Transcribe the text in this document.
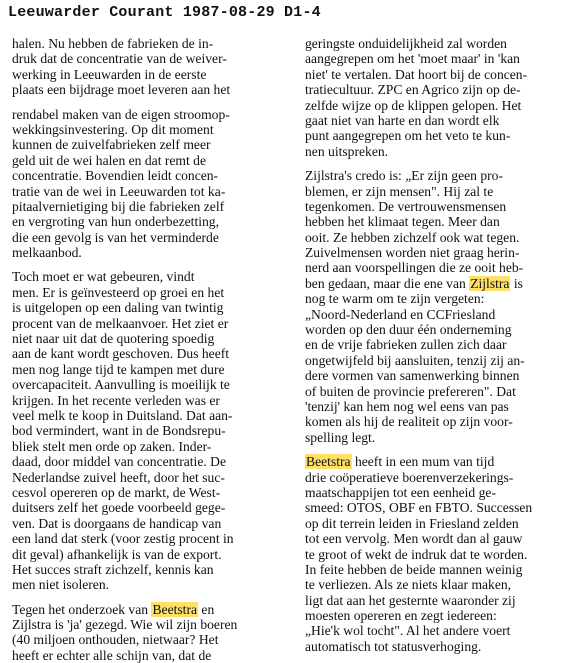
Leeuwarder Courant 1987-08-29 D1-4
halen. Nu hebben de fabrieken de in-
druk dat de concentratie van de weiver-
werking in Leeuwarden in de eerste
plaats een bijdrage moet leveren aan het
rendabel maken van de eigen stroomop-
wekkingsinvestering. Op dit moment
kunnen de zuivelfabrieken zelf meer
geld uit de wei halen en dat remt de
concentratie. Bovendien leidt concen-
tratie van de wei in Leeuwarden tot ka-
pitaalvernietiging bij die fabrieken zelf
en vergroting van hun onderbezetting,
die een gevolg is van het verminderde
melkaanbod.
Toch moet er wat gebeuren, vindt
men. Er is geïnvesteerd op groei en het
is uitgelopen op een daling van twintig
procent van de melkaanvoer. Het ziet er
niet naar uit dat de quotering spoedig
aan de kant wordt geschoven. Dus heeft
men nog lange tijd te kampen met dure
overcapaciteit. Aanvulling is moeilijk te
krijgen. In het recente verleden was er
veel melk te koop in Duitsland. Dat aan-
bod vermindert, want in de Bondsrepu-
bliek stelt men orde op zaken. Inder-
daad, door middel van concentratie. De
Nederlandse zuivel heeft, door het suc-
cesvol opereren op de markt, de West-
duitsers zelf het goede voorbeeld gege-
ven. Dat is doorgaans de handicap van
een land dat sterk (voor zestig procent in
dit geval) afhankelijk is van de export.
Het succes straft zichzelf, kennis kan
men niet isoleren.
Tegen het onderzoek van Beetstra en
Zijlstra is 'ja' gezegd. Wie wil zijn boeren
(40 miljoen onthouden, nietwaar? Het
heeft er echter alle schijn van, dat de
geringste onduidelijkheid zal worden
aangegrepen om het 'moet maar' in 'kan
niet' te vertalen. Dat hoort bij de concen-
tratiecultuur. ZPC en Agrico zijn op de-
zelfde wijze op de klippen gelopen. Het
gaat niet van harte en dan wordt elk
punt aangegrepen om het veto te kun-
nen uitspreken.
Zijlstra's credo is: „Er zijn geen pro-
blemen, er zijn mensen". Hij zal te
tegenkomen. De vertrouwensmensen
hebben het klimaat tegen. Meer dan
ooit. Ze hebben zichzelf ook wat tegen.
Zuivelmensen worden niet graag herin-
nerd aan voorspellingen die ze ooit heb-
ben gedaan, maar die ene van Zijlstra is
nog te warm om te zijn vergeten:
„Noord-Nederland en CCFriesland
worden op den duur één onderneming
en de vrije fabrieken zullen zich daar
ongetwijfeld bij aansluiten, tenzij zij an-
dere vormen van samenwerking binnen
of buiten de provincie prefereren". Dat
'tenzij' kan hem nog wel eens van pas
komen als hij de realiteit op zijn voor-
spelling legt.
Beetstra heeft in een mum van tijd
drie coöperatieve boerenverzekerings-
maatschappijen tot een eenheid ge-
smeed: OTOS, OBF en FBTO. Successen
op dit terrein leiden in Friesland zelden
tot een vervolg. Men wordt dan al gauw
te groot of wekt de indruk dat te worden.
In feite hebben de beide mannen weinig
te verliezen. Als ze niets klaar maken,
ligt dat aan het gesternte waaronder zij
moesten opereren en zegt iedereen:
„Hie'k wol tocht". Al het andere voert
automatisch tot statusverhoging.
